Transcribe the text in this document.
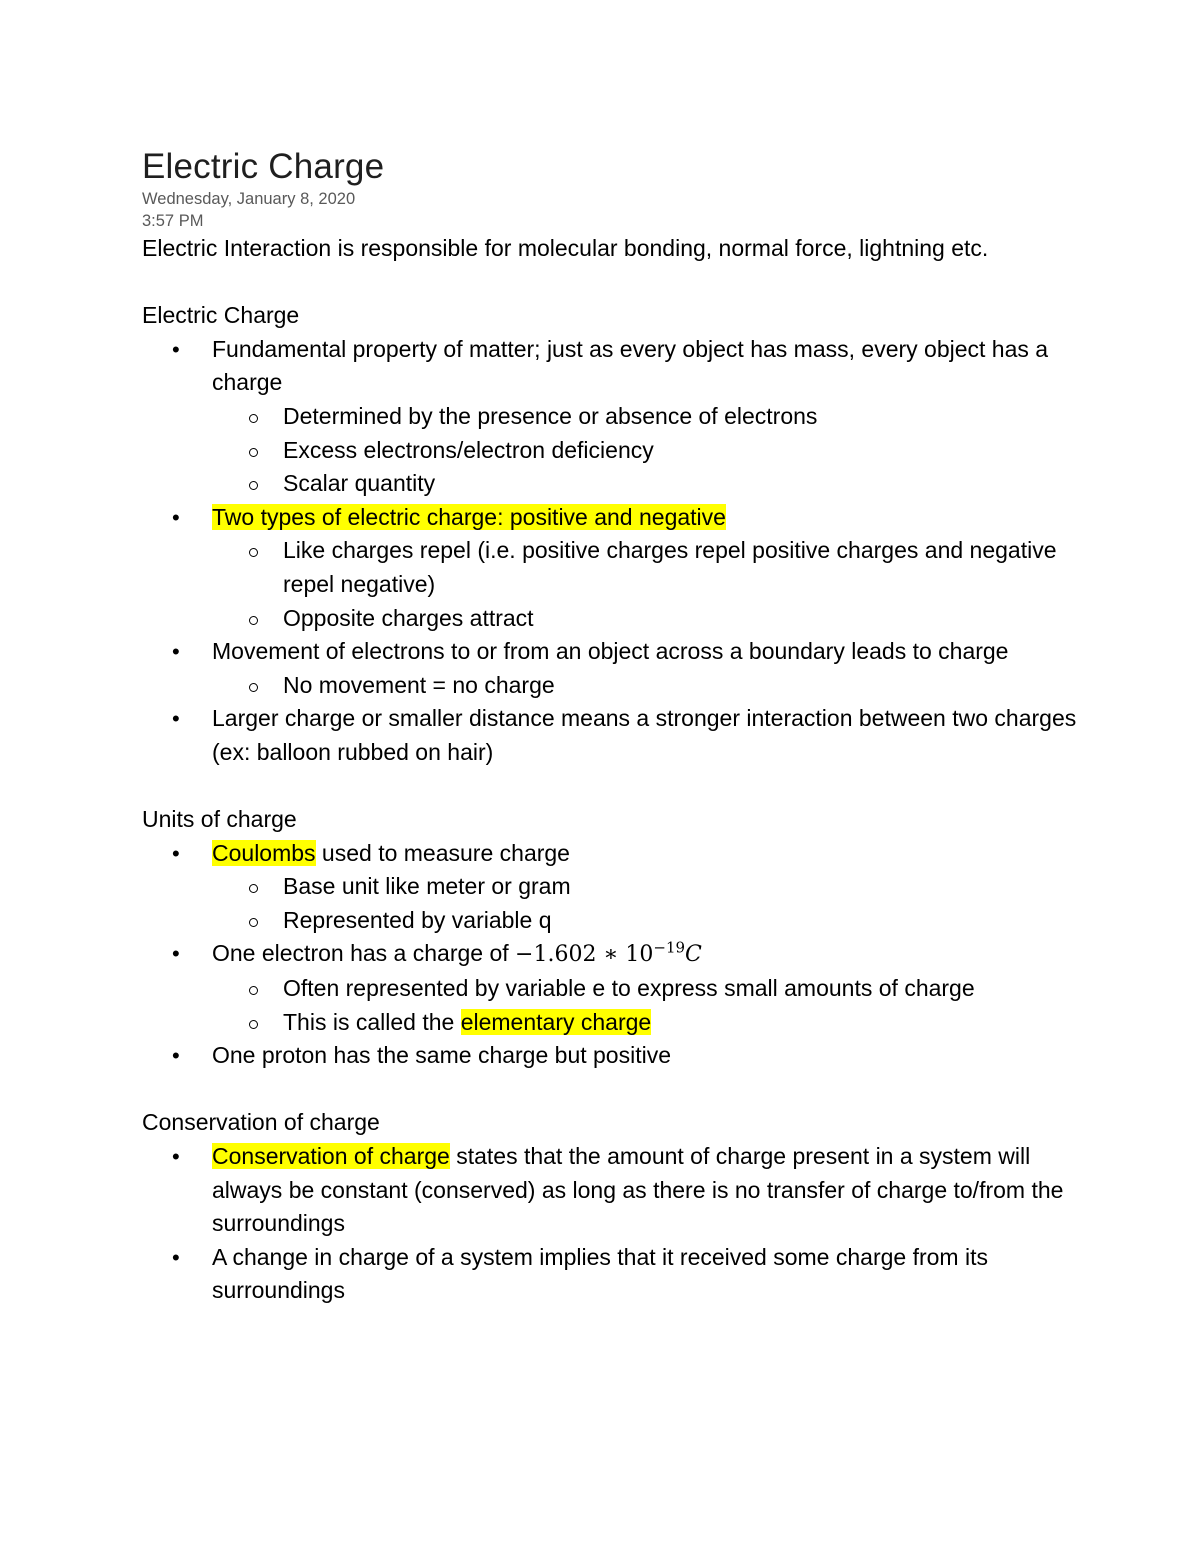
Electric Charge
Wednesday, January 8, 2020
3:57 PM

Electric Interaction is responsible for molecular bonding, normal force, lightning etc.

Electric Charge

• Fundamental property of matter; just as every object has mass, every object has a charge
Determined by the presence or absence of electrons
Excess electrons/electron deficiency
Scalar quantity
• Two types of electric charge: positive and negative
Like charges repel (i.e. positive charges repel positive charges and negative repel negative)
Opposite charges attract
• Movement of electrons to or from an object across a boundary leads to charge
No movement = no charge
• Larger charge or smaller distance means a stronger interaction between two charges (ex: balloon rubbed on hair)

Units of charge

• Coulombs used to measure charge
Base unit like meter or gram
Represented by variable q
• One electron has a charge of −1.602 ∗ $10^{-19}C$
Often represented by variable e to express small amounts of charge
This is called the elementary charge
• One proton has the same charge but positive

Conservation of charge

• Conservation of charge states that the amount of charge present in a system will always be constant (conserved) as long as there is no transfer of charge to/from the surroundings
• A change in charge of a system implies that it received some charge from its surroundings
